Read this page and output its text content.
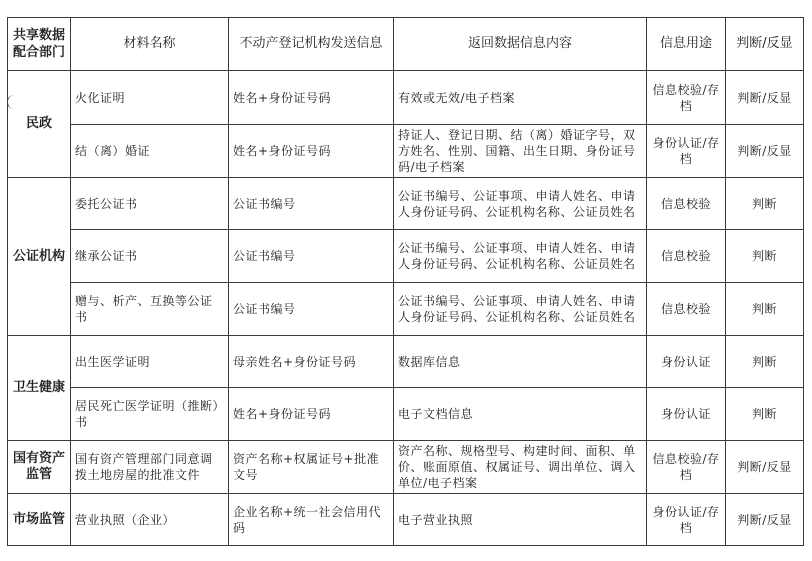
共享数据配合部门	材料名称	不动产登记机构发送信息	返回数据信息内容	信息用途	判断/反显
民政	火化证明	姓名+身份证号码	有效或无效/电子档案	信息校验/存档	判断/反显
	结（离）婚证	姓名+身份证号码	持证人、登记日期、结（离）婚证字号，双方姓名、性别、国籍、出生日期、身份证号码/电子档案	身份认证/存档	判断/反显
公证机构	委托公证书	公证书编号	公证书编号、公证事项、申请人姓名、申请人身份证号码、公证机构名称、公证员姓名	信息校验	判断
	继承公证书	公证书编号	公证书编号、公证事项、申请人姓名、申请人身份证号码、公证机构名称、公证员姓名	信息校验	判断
	赠与、析产、互换等公证书	公证书编号	公证书编号、公证事项、申请人姓名、申请人身份证号码、公证机构名称、公证员姓名	信息校验	判断
卫生健康	出生医学证明	母亲姓名+身份证号码	数据库信息	身份认证	判断
	居民死亡医学证明（推断）书	姓名+身份证号码	电子文档信息	身份认证	判断
国有资产监管	国有资产管理部门同意调拨土地房屋的批准文件	资产名称+权属证号+批准文号	资产名称、规格型号、构建时间、面积、单价、账面原值、权属证号、调出单位、调入单位/电子档案	信息校验/存档	判断/反显
市场监管	营业执照（企业）	企业名称+统一社会信用代码	电子营业执照	身份认证/存档	判断/反显
